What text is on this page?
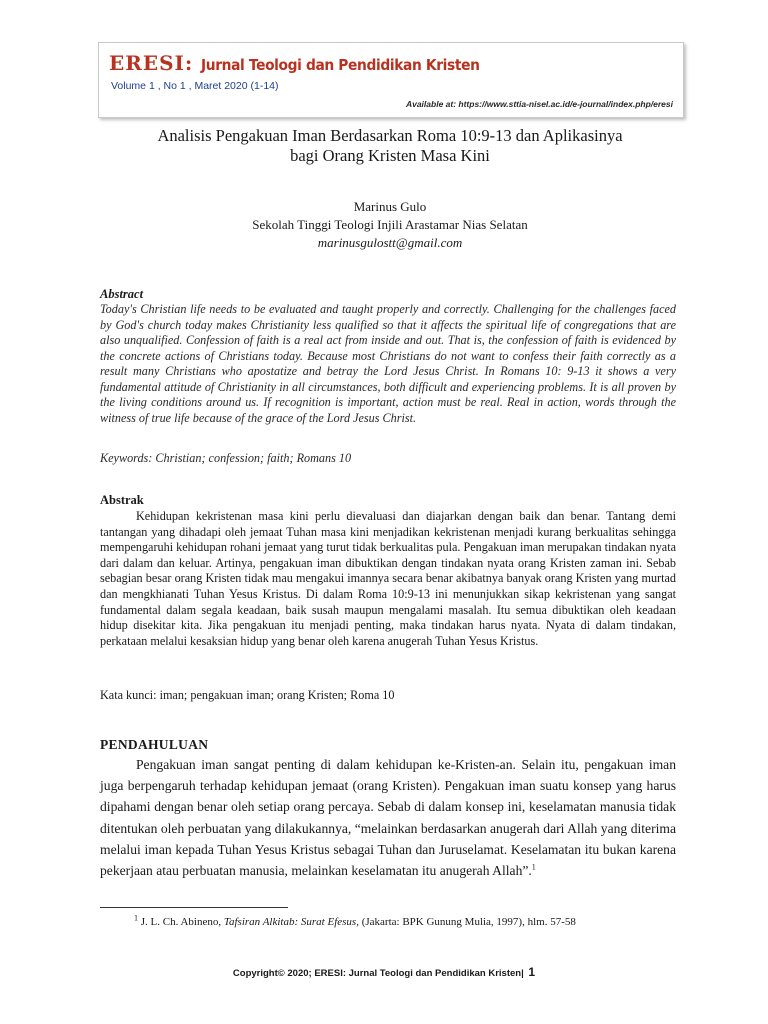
ERESI: Jurnal Teologi dan Pendidikan Kristen
Volume 1 , No 1 , Maret 2020 (1-14)
Available at: https://www.sttia-nisel.ac.id/e-journal/index.php/eresi
Analisis Pengakuan Iman Berdasarkan Roma 10:9-13 dan Aplikasinya
bagi Orang Kristen Masa Kini
Marinus Gulo
Sekolah Tinggi Teologi Injili Arastamar Nias Selatan
marinusgulostt@gmail.com
Abstract
Today's Christian life needs to be evaluated and taught properly and correctly. Challenging for the challenges faced by God's church today makes Christianity less qualified so that it affects the spiritual life of congregations that are also unqualified. Confession of faith is a real act from inside and out. That is, the confession of faith is evidenced by the concrete actions of Christians today. Because most Christians do not want to confess their faith correctly as a result many Christians who apostatize and betray the Lord Jesus Christ. In Romans 10: 9-13 it shows a very fundamental attitude of Christianity in all circumstances, both difficult and experiencing problems. It is all proven by the living conditions around us. If recognition is important, action must be real. Real in action, words through the witness of true life because of the grace of the Lord Jesus Christ.
Keywords: Christian; confession; faith; Romans 10
Abstrak
Kehidupan kekristenan masa kini perlu dievaluasi dan diajarkan dengan baik dan benar. Tantang demi tantangan yang dihadapi oleh jemaat Tuhan masa kini menjadikan kekristenan menjadi kurang berkualitas sehingga mempengaruhi kehidupan rohani jemaat yang turut tidak berkualitas pula. Pengakuan iman merupakan tindakan nyata dari dalam dan keluar. Artinya, pengakuan iman dibuktikan dengan tindakan nyata orang Kristen zaman ini. Sebab sebagian besar orang Kristen tidak mau mengakui imannya secara benar akibatnya banyak orang Kristen yang murtad dan mengkhianati Tuhan Yesus Kristus. Di dalam Roma 10:9-13 ini menunjukkan sikap kekristenan yang sangat fundamental dalam segala keadaan, baik susah maupun mengalami masalah. Itu semua dibuktikan oleh keadaan hidup disekitar kita. Jika pengakuan itu menjadi penting, maka tindakan harus nyata. Nyata di dalam tindakan, perkataan melalui kesaksian hidup yang benar oleh karena anugerah Tuhan Yesus Kristus.
Kata kunci: iman; pengakuan iman; orang Kristen; Roma 10
PENDAHULUAN
Pengakuan iman sangat penting di dalam kehidupan ke-Kristen-an. Selain itu, pengakuan iman juga berpengaruh terhadap kehidupan jemaat (orang Kristen). Pengakuan iman suatu konsep yang harus dipahami dengan benar oleh setiap orang percaya. Sebab di dalam konsep ini, keselamatan manusia tidak ditentukan oleh perbuatan yang dilakukannya, “melainkan berdasarkan anugerah dari Allah yang diterima melalui iman kepada Tuhan Yesus Kristus sebagai Tuhan dan Juruselamat. Keselamatan itu bukan karena pekerjaan atau perbuatan manusia, melainkan keselamatan itu anugerah Allah”.$^1$
$^1$ J. L. Ch. Abineno, Tafsiran Alkitab: Surat Efesus, (Jakarta: BPK Gunung Mulia, 1997), hlm. 57-58
Copyright© 2020; ERESI: Jurnal Teologi dan Pendidikan Kristen| 1
